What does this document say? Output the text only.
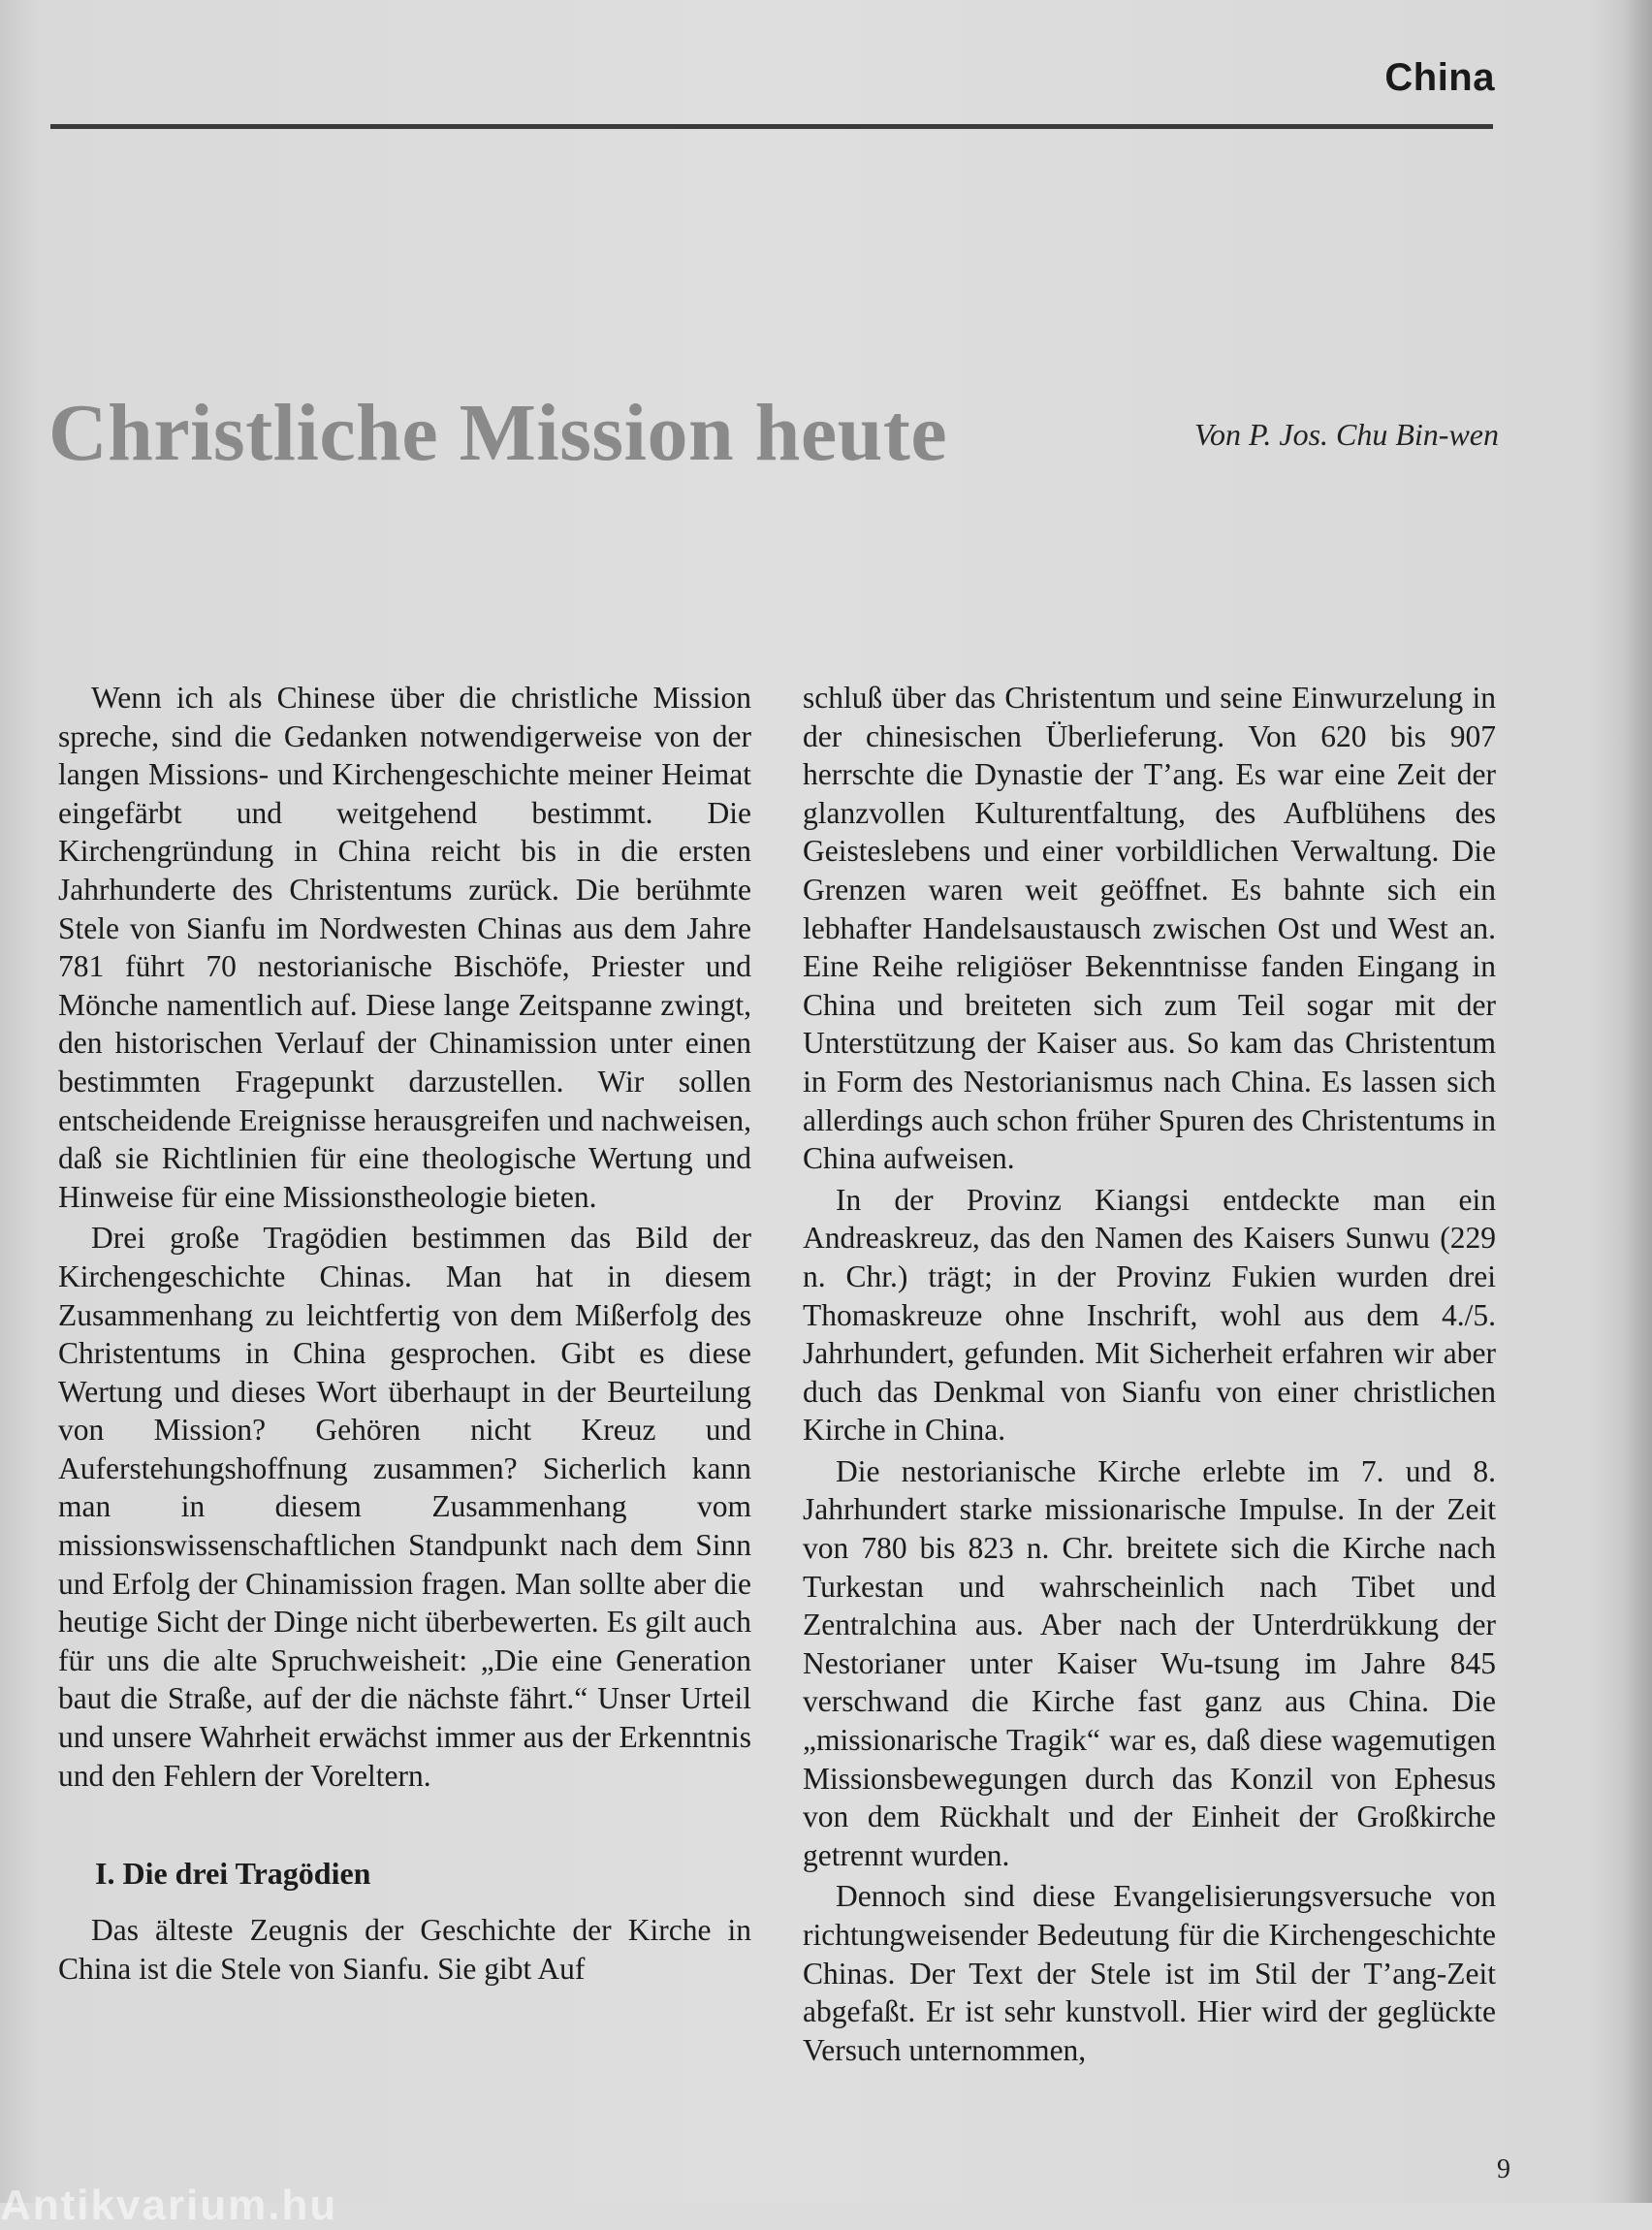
China
Christliche Mission heute	Von P. Jos. Chu Bin-wen

Wenn ich als Chinese über die christliche Mission spreche, sind die Gedanken notwendigerweise von der langen Missions- und Kirchengeschichte meiner Heimat eingefärbt und weitgehend bestimmt. Die Kirchengründung in China reicht bis in die ersten Jahrhunderte des Christentums zurück. Die berühmte Stele von Sianfu im Nordwesten Chinas aus dem Jahre 781 führt 70 nestorianische Bischöfe, Priester und Mönche namentlich auf. Diese lange Zeitspanne zwingt, den historischen Verlauf der Chinamission unter einen bestimmten Fragepunkt darzustellen. Wir sollen entscheidende Ereignisse herausgreifen und nachweisen, daß sie Richtlinien für eine theologische Wertung und Hinweise für eine Missionstheologie bieten.

Drei große Tragödien bestimmen das Bild der Kirchengeschichte Chinas. Man hat in diesem Zusammenhang zu leichtfertig von dem Mißerfolg des Christentums in China gesprochen. Gibt es diese Wertung und dieses Wort überhaupt in der Beurteilung von Mission? Gehören nicht Kreuz und Auferstehungshoffnung zusammen? Sicherlich kann man in diesem Zusammenhang vom missionswissenschaftlichen Standpunkt nach dem Sinn und Erfolg der Chinamission fragen. Man sollte aber die heutige Sicht der Dinge nicht überbewerten. Es gilt auch für uns die alte Spruchweisheit: „Die eine Generation baut die Straße, auf der die nächste fährt.“ Unser Urteil und unsere Wahrheit erwächst immer aus der Erkenntnis und den Fehlern der Voreltern.

I. Die drei Tragödien

Das älteste Zeugnis der Geschichte der Kirche in China ist die Stele von Sianfu. Sie gibt Auf

schluß über das Christentum und seine Einwurzelung in der chinesischen Überlieferung. Von 620 bis 907 herrschte die Dynastie der T’ang. Es war eine Zeit der glanzvollen Kulturentfaltung, des Aufblühens des Geisteslebens und einer vorbildlichen Verwaltung. Die Grenzen waren weit geöffnet. Es bahnte sich ein lebhafter Handelsaustausch zwischen Ost und West an. Eine Reihe religiöser Bekenntnisse fanden Eingang in China und breiteten sich zum Teil sogar mit der Unterstützung der Kaiser aus. So kam das Christentum in Form des Nestorianismus nach China. Es lassen sich allerdings auch schon früher Spuren des Christentums in China aufweisen.

In der Provinz Kiangsi entdeckte man ein Andreaskreuz, das den Namen des Kaisers Sunwu (229 n. Chr.) trägt; in der Provinz Fukien wurden drei Thomaskreuze ohne Inschrift, wohl aus dem 4./5. Jahrhundert, gefunden. Mit Sicherheit erfahren wir aber duch das Denkmal von Sianfu von einer christlichen Kirche in China.

Die nestorianische Kirche erlebte im 7. und 8. Jahrhundert starke missionarische Impulse. In der Zeit von 780 bis 823 n. Chr. breitete sich die Kirche nach Turkestan und wahrscheinlich nach Tibet und Zentralchina aus. Aber nach der Unterdrükkung der Nestorianer unter Kaiser Wu-tsung im Jahre 845 verschwand die Kirche fast ganz aus China. Die „missionarische Tragik“ war es, daß diese wagemutigen Missionsbewegungen durch das Konzil von Ephesus von dem Rückhalt und der Einheit der Großkirche getrennt wurden.

Dennoch sind diese Evangelisierungsversuche von richtungweisender Bedeutung für die Kirchengeschichte Chinas. Der Text der Stele ist im Stil der T’ang-Zeit abgefaßt. Er ist sehr kunstvoll. Hier wird der geglückte Versuch unternommen,

9
Antikvarium.hu
